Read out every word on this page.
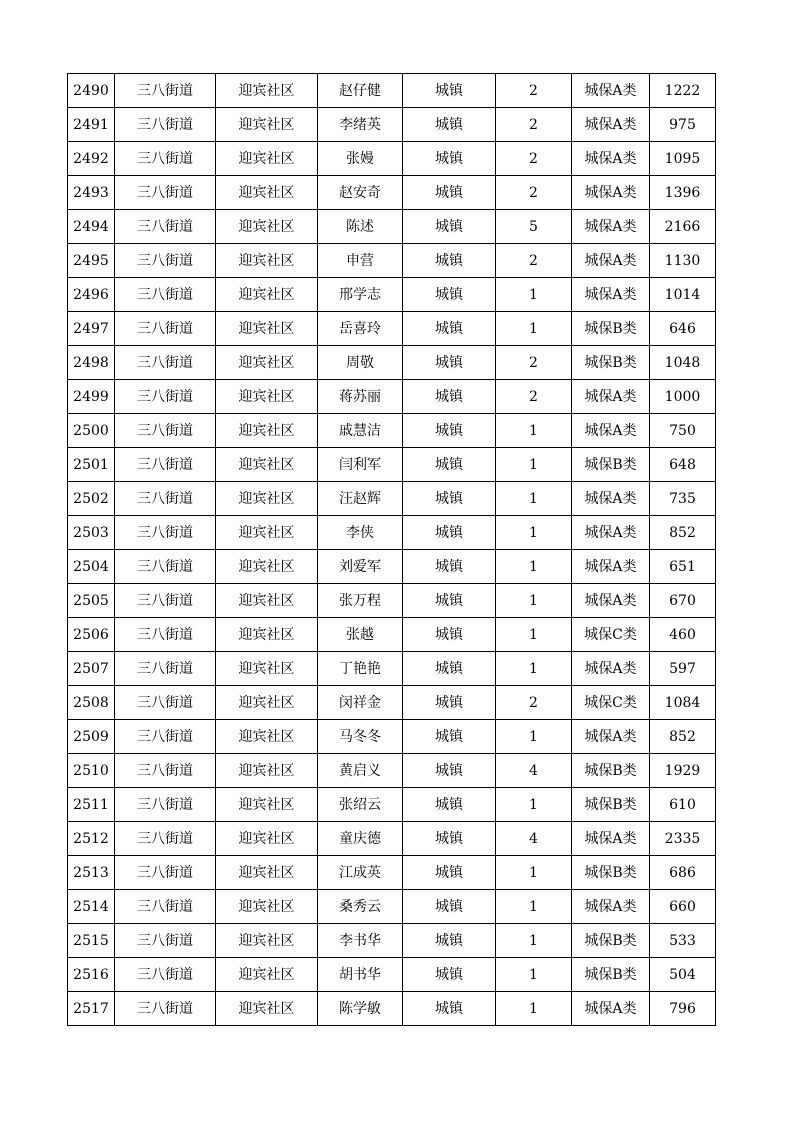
2490	三八街道	迎宾社区	赵仔健	城镇	2	城保A类	1222
2491	三八街道	迎宾社区	李绪英	城镇	2	城保A类	975
2492	三八街道	迎宾社区	张嫚	城镇	2	城保A类	1095
2493	三八街道	迎宾社区	赵安奇	城镇	2	城保A类	1396
2494	三八街道	迎宾社区	陈述	城镇	5	城保A类	2166
2495	三八街道	迎宾社区	申营	城镇	2	城保A类	1130
2496	三八街道	迎宾社区	邢学志	城镇	1	城保A类	1014
2497	三八街道	迎宾社区	岳喜玲	城镇	1	城保B类	646
2498	三八街道	迎宾社区	周敬	城镇	2	城保B类	1048
2499	三八街道	迎宾社区	蒋苏丽	城镇	2	城保A类	1000
2500	三八街道	迎宾社区	戚慧洁	城镇	1	城保A类	750
2501	三八街道	迎宾社区	闫利军	城镇	1	城保B类	648
2502	三八街道	迎宾社区	汪赵辉	城镇	1	城保A类	735
2503	三八街道	迎宾社区	李侠	城镇	1	城保A类	852
2504	三八街道	迎宾社区	刘爱军	城镇	1	城保A类	651
2505	三八街道	迎宾社区	张万程	城镇	1	城保A类	670
2506	三八街道	迎宾社区	张越	城镇	1	城保C类	460
2507	三八街道	迎宾社区	丁艳艳	城镇	1	城保A类	597
2508	三八街道	迎宾社区	闵祥金	城镇	2	城保C类	1084
2509	三八街道	迎宾社区	马冬冬	城镇	1	城保A类	852
2510	三八街道	迎宾社区	黄启义	城镇	4	城保B类	1929
2511	三八街道	迎宾社区	张绍云	城镇	1	城保B类	610
2512	三八街道	迎宾社区	童庆德	城镇	4	城保A类	2335
2513	三八街道	迎宾社区	江成英	城镇	1	城保B类	686
2514	三八街道	迎宾社区	桑秀云	城镇	1	城保A类	660
2515	三八街道	迎宾社区	李书华	城镇	1	城保B类	533
2516	三八街道	迎宾社区	胡书华	城镇	1	城保B类	504
2517	三八街道	迎宾社区	陈学敏	城镇	1	城保A类	796
